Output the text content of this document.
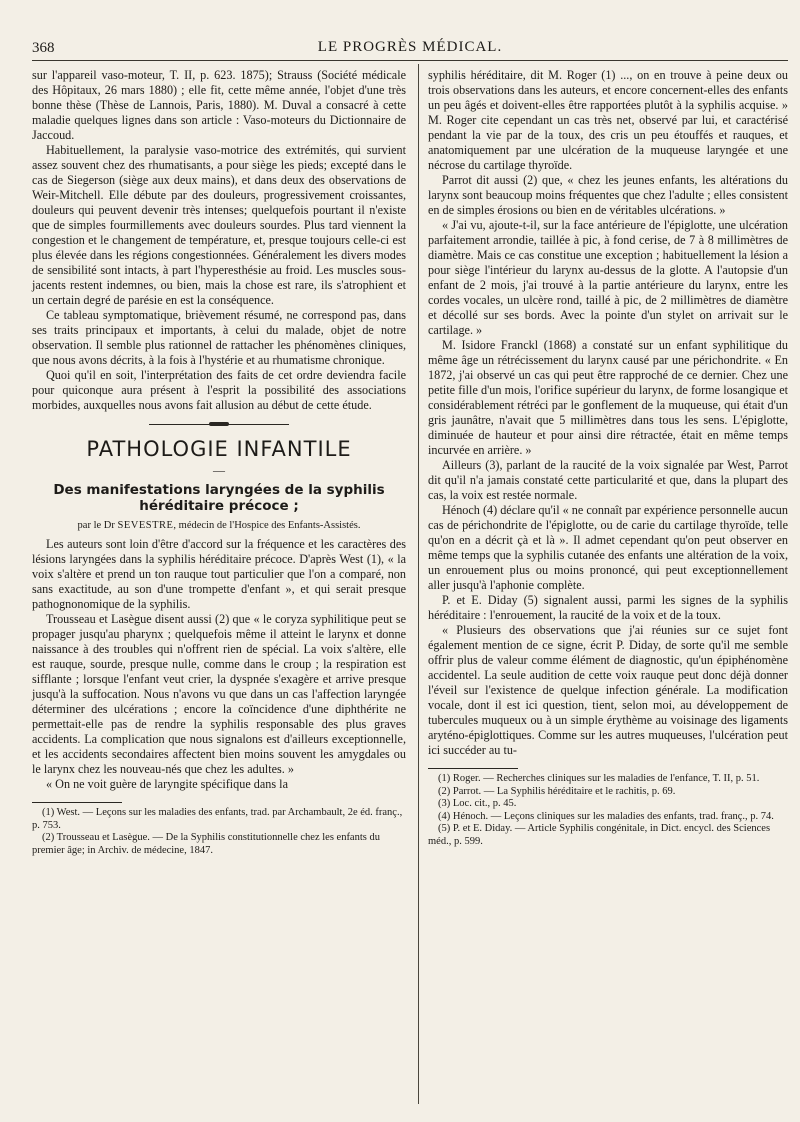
368	LE PROGRÈS MÉDICAL.

sur l'appareil vaso-moteur, T. II, p. 623. 1875); Strauss (Société médicale des Hôpitaux, 26 mars 1880) ; elle fit, cette même année, l'objet d'une très bonne thèse (Thèse de Lannois, Paris, 1880). M. Duval a consacré à cette maladie quelques lignes dans son article : Vaso-moteurs du Dictionnaire de Jaccoud.

Habituellement, la paralysie vaso-motrice des extrémités, qui survient assez souvent chez des rhumatisants, a pour siège les pieds; excepté dans le cas de Siegerson (siège aux deux mains), et dans deux des observations de Weir-Mitchell. Elle débute par des douleurs, progressivement croissantes, douleurs qui peuvent devenir très intenses; quelquefois pourtant il n'existe que de simples fourmillements avec douleurs sourdes. Plus tard viennent la congestion et le changement de température, et, presque toujours celle-ci est plus élevée dans les régions congestionnées. Généralement les divers modes de sensibilité sont intacts, à part l'hyperesthésie au froid. Les muscles sous-jacents restent indemnes, ou bien, mais la chose est rare, ils s'atrophient et un certain degré de parésie en est la conséquence.

Ce tableau symptomatique, brièvement résumé, ne correspond pas, dans ses traits principaux et importants, à celui du malade, objet de notre observation. Il semble plus rationnel de rattacher les phénomènes cliniques, que nous avons décrits, à la fois à l'hystérie et au rhumatisme chronique.

Quoi qu'il en soit, l'interprétation des faits de cet ordre deviendra facile pour quiconque aura présent à l'esprit la possibilité des associations morbides, auxquelles nous avons fait allusion au début de cette étude.

PATHOLOGIE INFANTILE
—
Des manifestations laryngées de la syphilis héréditaire précoce ;
par le Dr SEVESTRE, médecin de l'Hospice des Enfants-Assistés.

Les auteurs sont loin d'être d'accord sur la fréquence et les caractères des lésions laryngées dans la syphilis héréditaire précoce. D'après West (1), « la voix s'altère et prend un ton rauque tout particulier que l'on a comparé, non sans exactitude, au son d'une trompette d'enfant », et qui serait presque pathognonomique de la syphilis.

Trousseau et Lasègue disent aussi (2) que « le coryza syphilitique peut se propager jusqu'au pharynx ; quelquefois même il atteint le larynx et donne naissance à des troubles qui n'offrent rien de spécial. La voix s'altère, elle est rauque, sourde, presque nulle, comme dans le croup ; la respiration est sifflante ; lorsque l'enfant veut crier, la dyspnée s'exagère et arrive presque jusqu'à la suffocation. Nous n'avons vu que dans un cas l'affection laryngée déterminer des ulcérations ; encore la coïncidence d'une diphthérite ne permettait-elle pas de rendre la syphilis responsable des plus graves accidents. La complication que nous signalons est d'ailleurs exceptionnelle, et les accidents secondaires affectent bien moins souvent les amygdales ou le larynx chez les nouveau-nés que chez les adultes. »

« On ne voit guère de laryngite spécifique dans la

(1) West. — Leçons sur les maladies des enfants, trad. par Archambault, 2e éd. franç., p. 753.

(2) Trousseau et Lasègue. — De la Syphilis constitutionnelle chez les enfants du premier âge; in Archiv. de médecine, 1847.

syphilis héréditaire, dit M. Roger (1) ..., on en trouve à peine deux ou trois observations dans les auteurs, et encore concernent-elles des enfants un peu âgés et doivent-elles être rapportées plutôt à la syphilis acquise. » M. Roger cite cependant un cas très net, observé par lui, et caractérisé pendant la vie par de la toux, des cris un peu étouffés et rauques, et anatomiquement par une ulcération de la muqueuse laryngée et une nécrose du cartilage thyroïde.

Parrot dit aussi (2) que, « chez les jeunes enfants, les altérations du larynx sont beaucoup moins fréquentes que chez l'adulte ; elles consistent en de simples érosions ou bien en de véritables ulcérations. »

« J'ai vu, ajoute-t-il, sur la face antérieure de l'épiglotte, une ulcération parfaitement arrondie, taillée à pic, à fond cerise, de 7 à 8 millimètres de diamètre. Mais ce cas constitue une exception ; habituellement la lésion a pour siège l'intérieur du larynx au-dessus de la glotte. A l'autopsie d'un enfant de 2 mois, j'ai trouvé à la partie antérieure du larynx, entre les cordes vocales, un ulcère rond, taillé à pic, de 2 millimètres de diamètre et décollé sur ses bords. Avec la pointe d'un stylet on arrivait sur le cartilage. »

M. Isidore Franckl (1868) a constaté sur un enfant syphilitique du même âge un rétrécissement du larynx causé par une périchondrite. « En 1872, j'ai observé un cas qui peut être rapproché de ce dernier. Chez une petite fille d'un mois, l'orifice supérieur du larynx, de forme losangique et considérablement rétréci par le gonflement de la muqueuse, qui était d'un gris jaunâtre, n'avait que 5 millimètres dans tous les sens. L'épiglotte, diminuée de hauteur et pour ainsi dire rétractée, était en même temps incurvée en arrière. »

Ailleurs (3), parlant de la raucité de la voix signalée par West, Parrot dit qu'il n'a jamais constaté cette particularité et que, dans la plupart des cas, la voix est restée normale.

Hénoch (4) déclare qu'il « ne connaît par expérience personnelle aucun cas de périchondrite de l'épiglotte, ou de carie du cartilage thyroïde, telle qu'on en a décrit çà et là ». Il admet cependant qu'on peut observer en même temps que la syphilis cutanée des enfants une altération de la voix, un enrouement plus ou moins prononcé, qui peut exceptionnellement aller jusqu'à l'aphonie complète.

P. et E. Diday (5) signalent aussi, parmi les signes de la syphilis héréditaire : l'enrouement, la raucité de la voix et de la toux.

« Plusieurs des observations que j'ai réunies sur ce sujet font également mention de ce signe, écrit P. Diday, de sorte qu'il me semble offrir plus de valeur comme élément de diagnostic, qu'un épiphénomène accidentel. La seule audition de cette voix rauque peut donc déjà donner l'éveil sur l'existence de quelque infection générale. La modification vocale, dont il est ici question, tient, selon moi, au développement de tubercules muqueux ou à un simple érythème au voisinage des ligaments aryténo-épiglottiques. Comme sur les autres muqueuses, l'ulcération peut ici succéder au tu-

(1) Roger. — Recherches cliniques sur les maladies de l'enfance, T. II, p. 51.

(2) Parrot. — La Syphilis héréditaire et le rachitis, p. 69.

(3) Loc. cit., p. 45.

(4) Hénoch. — Leçons cliniques sur les maladies des enfants, trad. franç., p. 74.

(5) P. et E. Diday. — Article Syphilis congénitale, in Dict. encycl. des Sciences méd., p. 599.
